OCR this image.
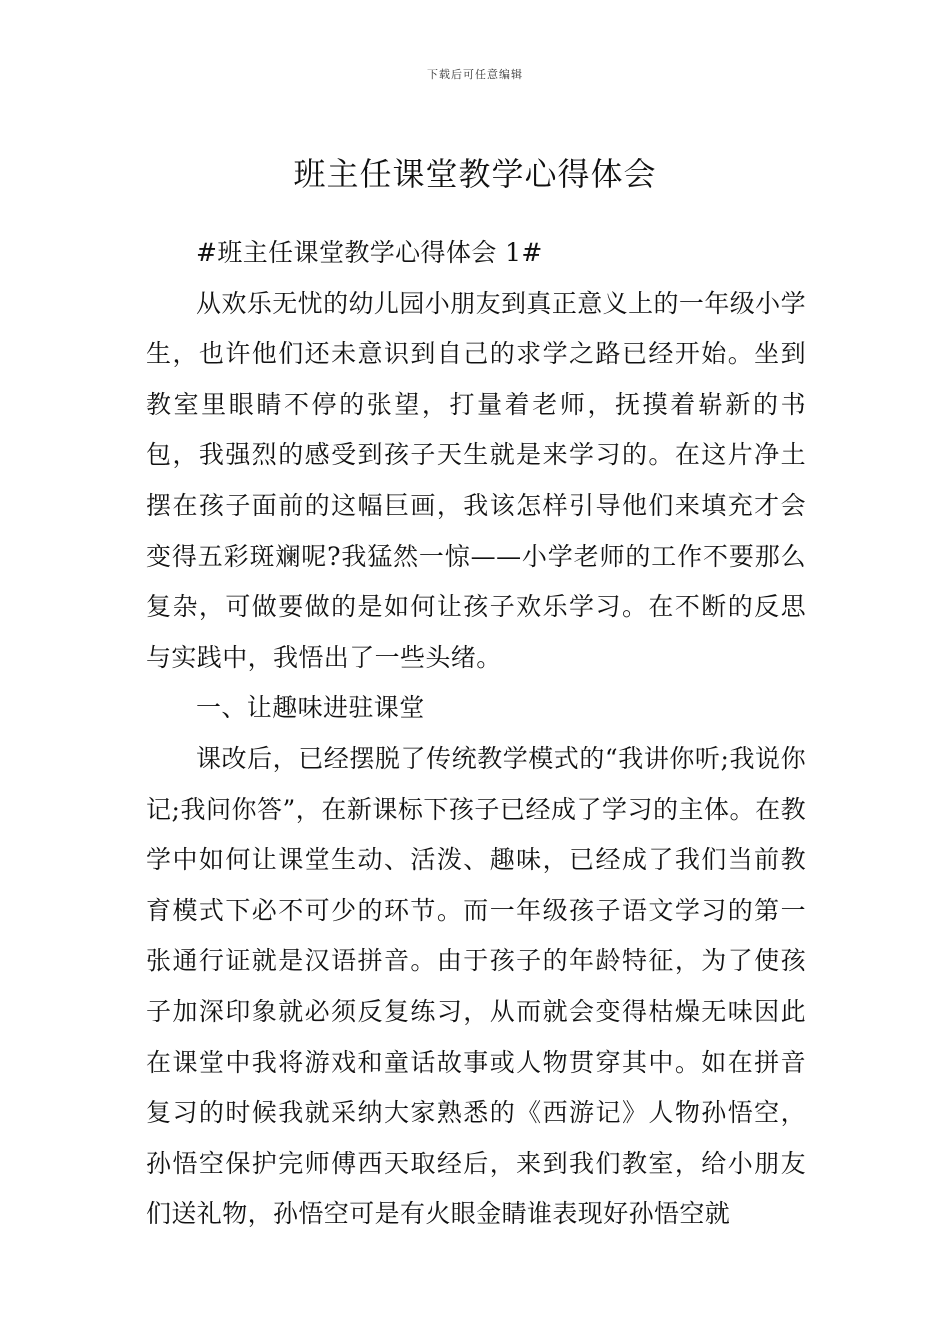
下载后可任意编辑
班主任课堂教学心得体会

#班主任课堂教学心得体会 1#

从欢乐无忧的幼儿园小朋友到真正意义上的一年级小学生，也许他们还未意识到自己的求学之路已经开始。坐到教室里眼睛不停的张望，打量着老师，抚摸着崭新的书包，我强烈的感受到孩子天生就是来学习的。在这片净土摆在孩子面前的这幅巨画，我该怎样引导他们来填充才会变得五彩斑斓呢?我猛然一惊——小学老师的工作不要那么复杂，可做要做的是如何让孩子欢乐学习。在不断的反思与实践中，我悟出了一些头绪。

一、让趣味进驻课堂

课改后，已经摆脱了传统教学模式的“我讲你听;我说你记;我问你答”，在新课标下孩子已经成了学习的主体。在教学中如何让课堂生动、活泼、趣味，已经成了我们当前教育模式下必不可少的环节。而一年级孩子语文学习的第一张通行证就是汉语拼音。由于孩子的年龄特征，为了使孩子加深印象就必须反复练习，从而就会变得枯燥无味因此在课堂中我将游戏和童话故事或人物贯穿其中。如在拼音复习的时候我就采纳大家熟悉的《西游记》人物孙悟空，孙悟空保护完师傅西天取经后，来到我们教室，给小朋友们送礼物，孙悟空可是有火眼金睛谁表现好孙悟空就
